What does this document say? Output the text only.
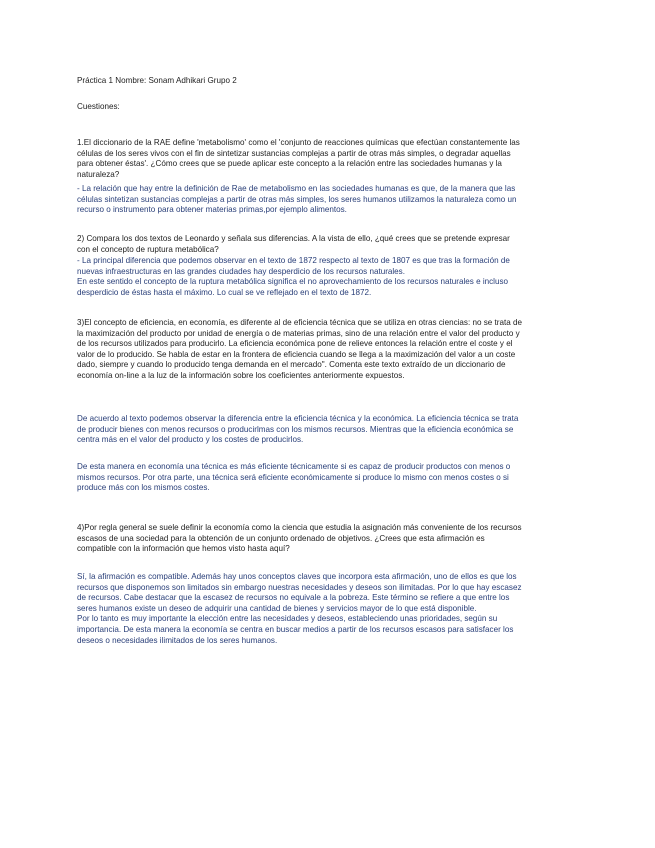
Práctica 1 Nombre: Sonam Adhikari Grupo 2

Cuestiones:

1.El diccionario de la RAE define 'metabolismo' como el 'conjunto de reacciones químicas que efectúan constantemente las
células de los seres vivos con el fin de sintetizar sustancias complejas a partir de otras más simples, o degradar aquellas
para obtener éstas'. ¿Cómo crees que se puede aplicar este concepto a la relación entre las sociedades humanas y la
naturaleza?
- La relación que hay entre la definición de Rae de metabolismo en las sociedades humanas es que, de la manera que las
células sintetizan sustancias complejas a partir de otras más simples, los seres humanos utilizamos la naturaleza como un
recurso o instrumento para obtener materias primas,por ejemplo alimentos.
2) Compara los dos textos de Leonardo y señala sus diferencias. A la vista de ello, ¿qué crees que se pretende expresar
con el concepto de ruptura metabólica?
- La principal diferencia que podemos observar en el texto de 1872 respecto al texto de 1807 es que tras la formación de
nuevas infraestructuras en las grandes ciudades hay desperdicio de los recursos naturales.
En este sentido el concepto de la ruptura metabólica significa el no aprovechamiento de los recursos naturales e incluso
desperdicio de éstas hasta el máximo. Lo cual se ve reflejado en el texto de 1872.
3)El concepto de eficiencia, en economía, es diferente al de eficiencia técnica que se utiliza en otras ciencias: no se trata de
la maximización del producto por unidad de energía o de materias primas, sino de una relación entre el valor del producto y
de los recursos utilizados para producirlo. La eficiencia económica pone de relieve entonces la relación entre el coste y el
valor de lo producido. Se habla de estar en la frontera de eficiencia cuando se llega a la maximización del valor a un coste
dado, siempre y cuando lo producido tenga demanda en el mercado". Comenta este texto extraído de un diccionario de
economía on-line a la luz de la información sobre los coeficientes anteriormente expuestos.
De acuerdo al texto podemos observar la diferencia entre la eficiencia técnica y la económica. La eficiencia técnica se trata
de producir bienes con menos recursos o producirlmas con los mismos recursos. Mientras que la eficiencia económica se
centra más en el valor del producto y los costes de producirlos.
De esta manera en economía una técnica es más eficiente técnicamente si es capaz de producir productos con menos o
mismos recursos. Por otra parte, una técnica será eficiente económicamente si produce lo mismo con menos costes o si
produce más con los mismos costes.
4)Por regla general se suele definir la economía como la ciencia que estudia la asignación más conveniente de los recursos
escasos de una sociedad para la obtención de un conjunto ordenado de objetivos. ¿Crees que esta afirmación es
compatible con la información que hemos visto hasta aquí?
Sí, la afirmación es compatible. Además hay unos conceptos claves que incorpora esta afirmación, uno de ellos es que los
recursos que disponemos son limitados sin embargo nuestras necesidades y deseos son ilimitadas. Por lo que hay escasez
de recursos. Cabe destacar que la escasez de recursos no equivale a la pobreza. Este término se refiere a que entre los
seres humanos existe un deseo de adquirir una cantidad de bienes y servicios mayor de lo que está disponible.
Por lo tanto es muy importante la elección entre las necesidades y deseos, estableciendo unas prioridades, según su
importancia. De esta manera la economía se centra en buscar medios a partir de los recursos escasos para satisfacer los
deseos o necesidades ilimitados de los seres humanos.
